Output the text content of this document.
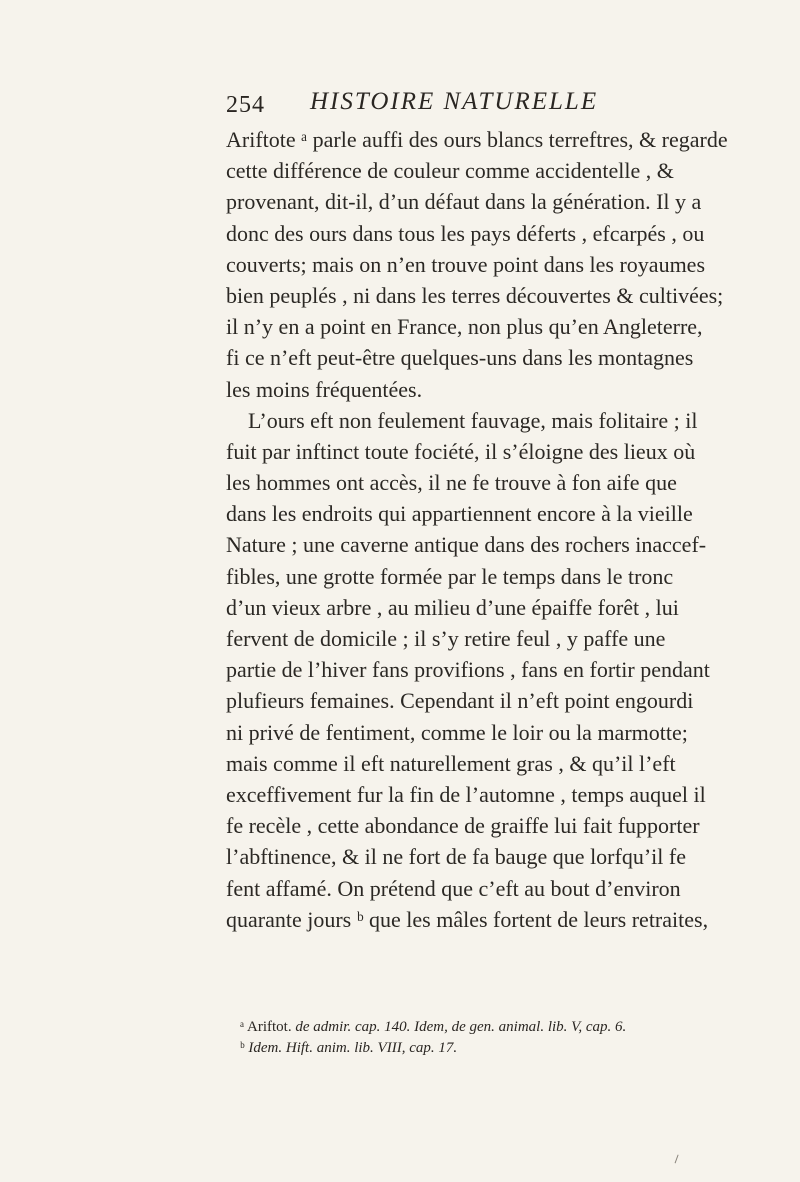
254 HISTOIRE NATURELLE
Ariftote ᵃ parle auffi des ours blancs terreftres, & regarde
cette différence de couleur comme accidentelle , &
provenant, dit-il, d’un défaut dans la génération. Il y a
donc des ours dans tous les pays déferts , efcarpés , ou
couverts; mais on n’en trouve point dans les royaumes
bien peuplés , ni dans les terres découvertes & cultivées;
il n’y en a point en France, non plus qu’en Angleterre,
fi ce n’eft peut-être quelques-uns dans les montagnes
les moins fréquentées.
L’ours eft non feulement fauvage, mais folitaire ; il
fuit par inftinct toute fociété, il s’éloigne des lieux où
les hommes ont accès, il ne fe trouve à fon aife que
dans les endroits qui appartiennent encore à la vieille
Nature ; une caverne antique dans des rochers inaccef-
fibles, une grotte formée par le temps dans le tronc
d’un vieux arbre , au milieu d’une épaiffe forêt , lui
fervent de domicile ; il s’y retire feul , y paffe une
partie de l’hiver fans provifions , fans en fortir pendant
plufieurs femaines. Cependant il n’eft point engourdi
ni privé de fentiment, comme le loir ou la marmotte;
mais comme il eft naturellement gras , & qu’il l’eft
exceffivement fur la fin de l’automne , temps auquel il
fe recèle , cette abondance de graiffe lui fait fupporter
l’abftinence, & il ne fort de fa bauge que lorfqu’il fe
fent affamé. On prétend que c’eft au bout d’environ
quarante jours ᵇ que les mâles fortent de leurs retraites,
ᵃ Ariftot. de admir. cap. 140. Idem, de gen. animal. lib. V, cap. 6.
ᵇ Idem. Hift. anim. lib. VIII, cap. 17.
